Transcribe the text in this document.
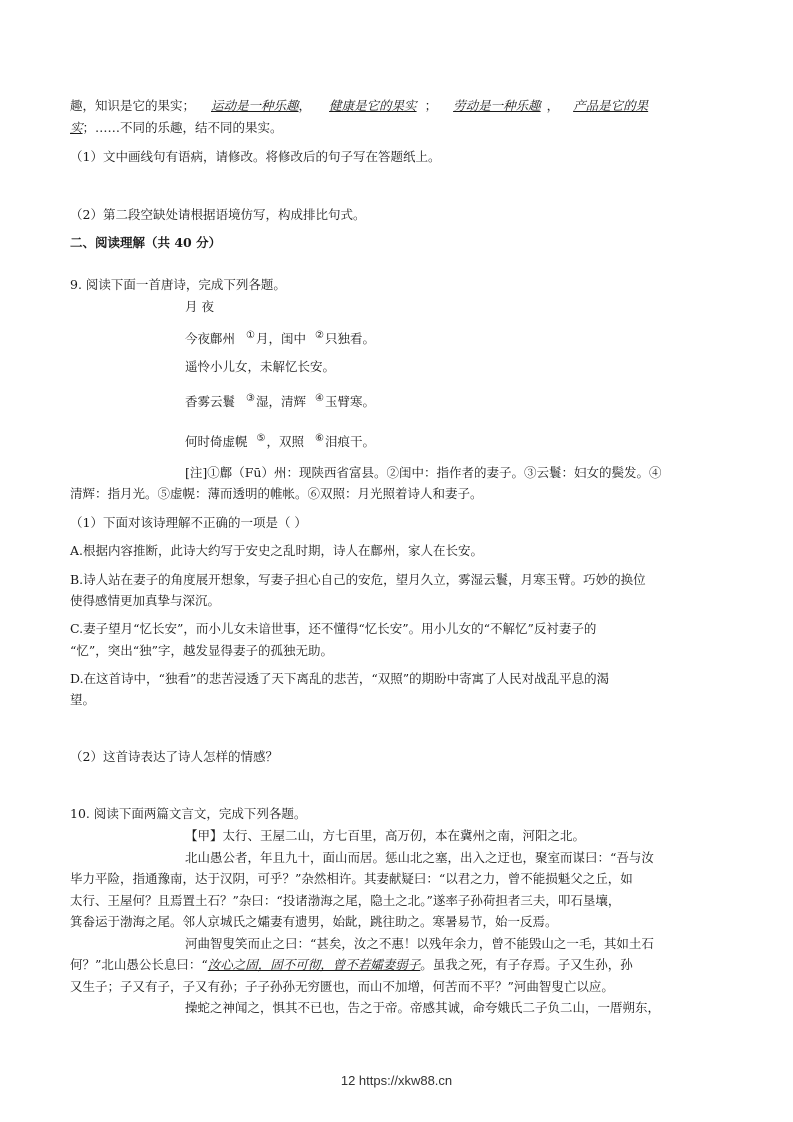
趣，知识是它的果实； 运动是一种乐趣， 健康是它的果实 ； 劳动是一种乐趣 ， 产品是它的果
实；……不同的乐趣，结不同的果实。
（1）文中画线句有语病，请修改。将修改后的句子写在答题纸上。
（2）第二段空缺处请根据语境仿写，构成排比句式。
二、阅读理解（共 40 分）
9. 阅读下面一首唐诗，完成下列各题。
月 夜
今夜鄜州 ①月，闺中 ②只独看。
遥怜小儿女，未解忆长安。
香雾云鬟 ③湿，清辉 ④玉臂寒。
何时倚虚幌 ⑤，双照 ⑥泪痕干。
[注]①鄜（Fū）州：现陕西省富县。②闺中：指作者的妻子。③云鬟：妇女的鬓发。④
清辉：指月光。⑤虚幌：薄而透明的帷帐。⑥双照：月光照着诗人和妻子。
（1）下面对该诗理解不正确的一项是（ ）
A.根据内容推断，此诗大约写于安史之乱时期，诗人在鄜州，家人在长安。
B.诗人站在妻子的角度展开想象，写妻子担心自己的安危，望月久立，雾湿云鬟，月寒玉臂。巧妙的换位
使得感情更加真挚与深沉。
C.妻子望月“忆长安”，而小儿女未谙世事，还不懂得“忆长安”。用小儿女的“不解忆”反衬妻子的
“忆”，突出“独”字，越发显得妻子的孤独无助。
D.在这首诗中，“独看”的悲苦浸透了天下离乱的悲苦，“双照”的期盼中寄寓了人民对战乱平息的渴
望。
（2）这首诗表达了诗人怎样的情感？
10. 阅读下面两篇文言文，完成下列各题。
【甲】太行、王屋二山，方七百里，高万仞，本在冀州之南，河阳之北。
北山愚公者，年且九十，面山而居。惩山北之塞，出入之迂也，聚室而谋曰：“吾与汝
毕力平险，指通豫南，达于汉阴，可乎？”杂然相许。其妻献疑曰：“以君之力，曾不能损魁父之丘，如
太行、王屋何？且焉置土石？”杂曰：“投诸渤海之尾，隐土之北。”遂率子孙荷担者三夫，叩石垦壤，
箕畚运于渤海之尾。邻人京城氏之孀妻有遗男，始龀，跳往助之。寒暑易节，始一反焉。
河曲智叟笑而止之曰：“甚矣，汝之不惠！以残年余力，曾不能毁山之一毛，其如土石
何？”北山愚公长息曰：“汝心之固，固不可彻，曾不若孀妻弱子。虽我之死，有子存焉。子又生孙，孙
又生子；子又有子，子又有孙；子子孙孙无穷匮也，而山不加增，何苦而不平？”河曲智叟亡以应。
操蛇之神闻之，惧其不已也，告之于帝。帝感其诚，命夸娥氏二子负二山，一厝朔东，
12 https://xkw88.cn
